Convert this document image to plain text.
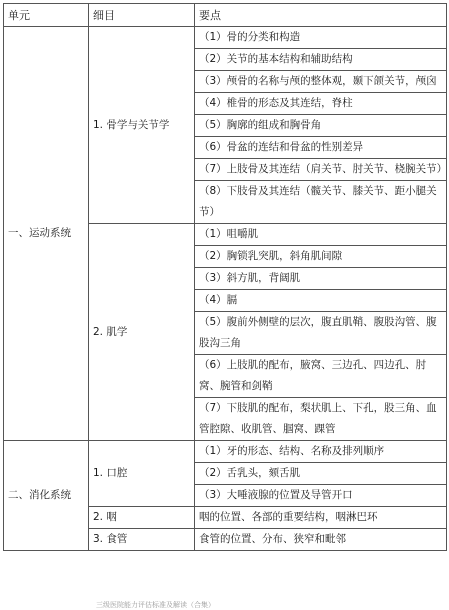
单元	细目	要点
一、运动系统	1. 骨学与关节学	（1）骨的分类和构造
		（2）关节的基本结构和辅助结构
		（3）颅骨的名称与颅的整体观，颞下颌关节，颅囟
		（4）椎骨的形态及其连结，脊柱
		（5）胸廓的组成和胸骨角
		（6）骨盆的连结和骨盆的性别差异
		（7）上肢骨及其连结（肩关节、肘关节、桡腕关节）
		（8）下肢骨及其连结（髋关节、膝关节、距小腿关节）
	2. 肌学	（1）咀嚼肌
		（2）胸锁乳突肌，斜角肌间隙
		（3）斜方肌，背阔肌
		（4）膈
		（5）腹前外侧壁的层次，腹直肌鞘、腹股沟管、腹股沟三角
		（6）上肢肌的配布，腋窝、三边孔、四边孔、肘窝、腕管和剑鞘
		（7）下肢肌的配布，梨状肌上、下孔，股三角、血管腔隙、收肌管、腘窝、踝管
二、消化系统	1. 口腔	（1）牙的形态、结构、名称及排列顺序
		（2）舌乳头，颏舌肌
		（3）大唾液腺的位置及导管开口
	2. 咽	咽的位置、各部的重要结构，咽淋巴环
	3. 食管	食管的位置、分布、狭窄和毗邻
三级医院能力评估标准及解读（合集）
